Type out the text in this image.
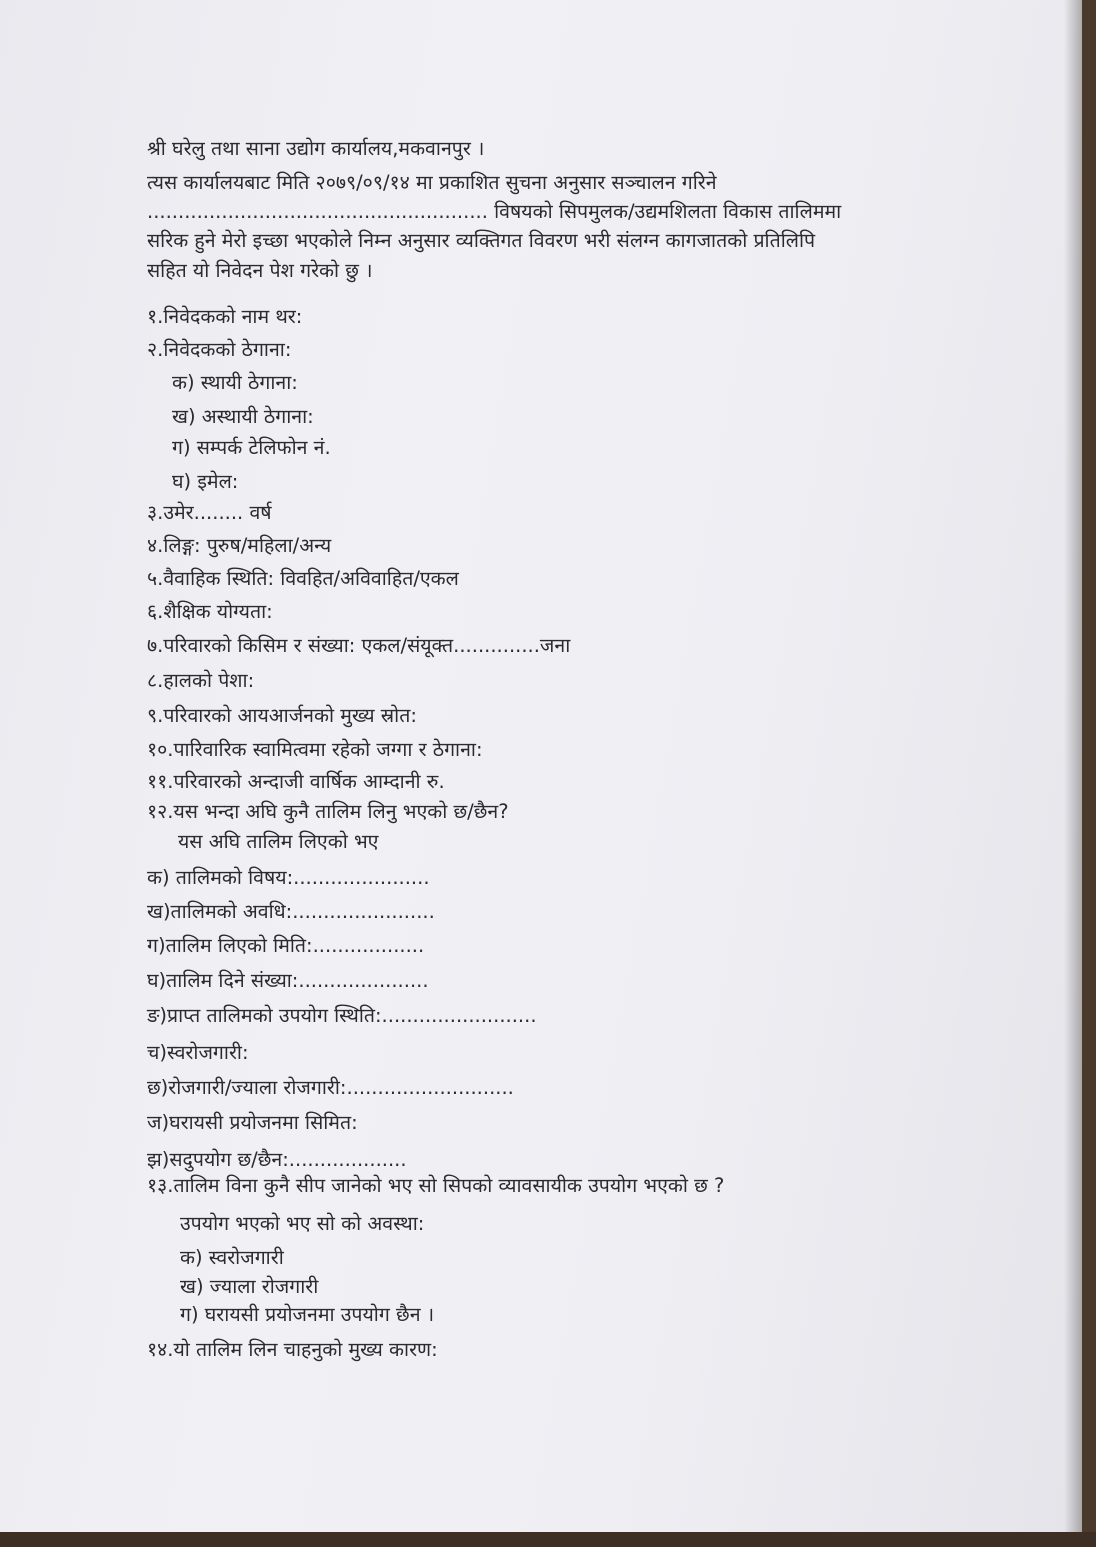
श्री घरेलु तथा साना उद्योग कार्यालय,मकवानपुर ।

त्यस कार्यालयबाट मिति २०७९/०९/१४ मा प्रकाशित सुचना अनुसार सञ्चालन गरिने

....................................................... विषयको सिपमुलक/उद्यमशिलता विकास तालिममा

सरिक हुने मेरो इच्छा भएकोले निम्न अनुसार व्यक्तिगत विवरण भरी संलग्न कागजातको प्रतिलिपि

सहित यो निवेदन पेश गरेको छु ।

१.निवेदकको नाम थर:

२.निवेदकको ठेगाना:

क) स्थायी ठेगाना:

ख) अस्थायी ठेगाना:

ग) सम्पर्क टेलिफोन नं.

घ) इमेल:

३.उमेर........ वर्ष

४.लिङ्ग: पुरुष/महिला/अन्य

५.वैवाहिक स्थिति: विवहित/अविवाहित/एकल

६.शैक्षिक योग्यता:

७.परिवारको किसिम र संख्या: एकल/संयूक्त..............जना

८.हालको पेशा:

९.परिवारको आयआर्जनको मुख्य स्रोत:

१०.पारिवारिक स्वामित्वमा रहेको जग्गा र ठेगाना:

११.परिवारको अन्दाजी वार्षिक आम्दानी रु.

१२.यस भन्दा अघि कुनै तालिम लिनु भएको छ/छैन?

यस अघि तालिम लिएको भए

क) तालिमको विषय:......................

ख)तालिमको अवधि:.......................

ग)तालिम लिएको मिति:..................

घ)तालिम दिने संख्या:.....................

ङ)प्राप्त तालिमको उपयोग स्थिति:.........................

च)स्वरोजगारी:

छ)रोजगारी/ज्याला रोजगारी:...........................

ज)घरायसी प्रयोजनमा सिमित:

झ)सदुपयोग छ/छैन:...................

१३.तालिम विना कुनै सीप जानेको भए सो सिपको व्यावसायीक उपयोग भएको छ ?

उपयोग भएको भए सो को अवस्था:

क) स्वरोजगारी

ख) ज्याला रोजगारी

ग) घरायसी प्रयोजनमा उपयोग छैन ।

१४.यो तालिम लिन चाहनुको मुख्य कारण:
